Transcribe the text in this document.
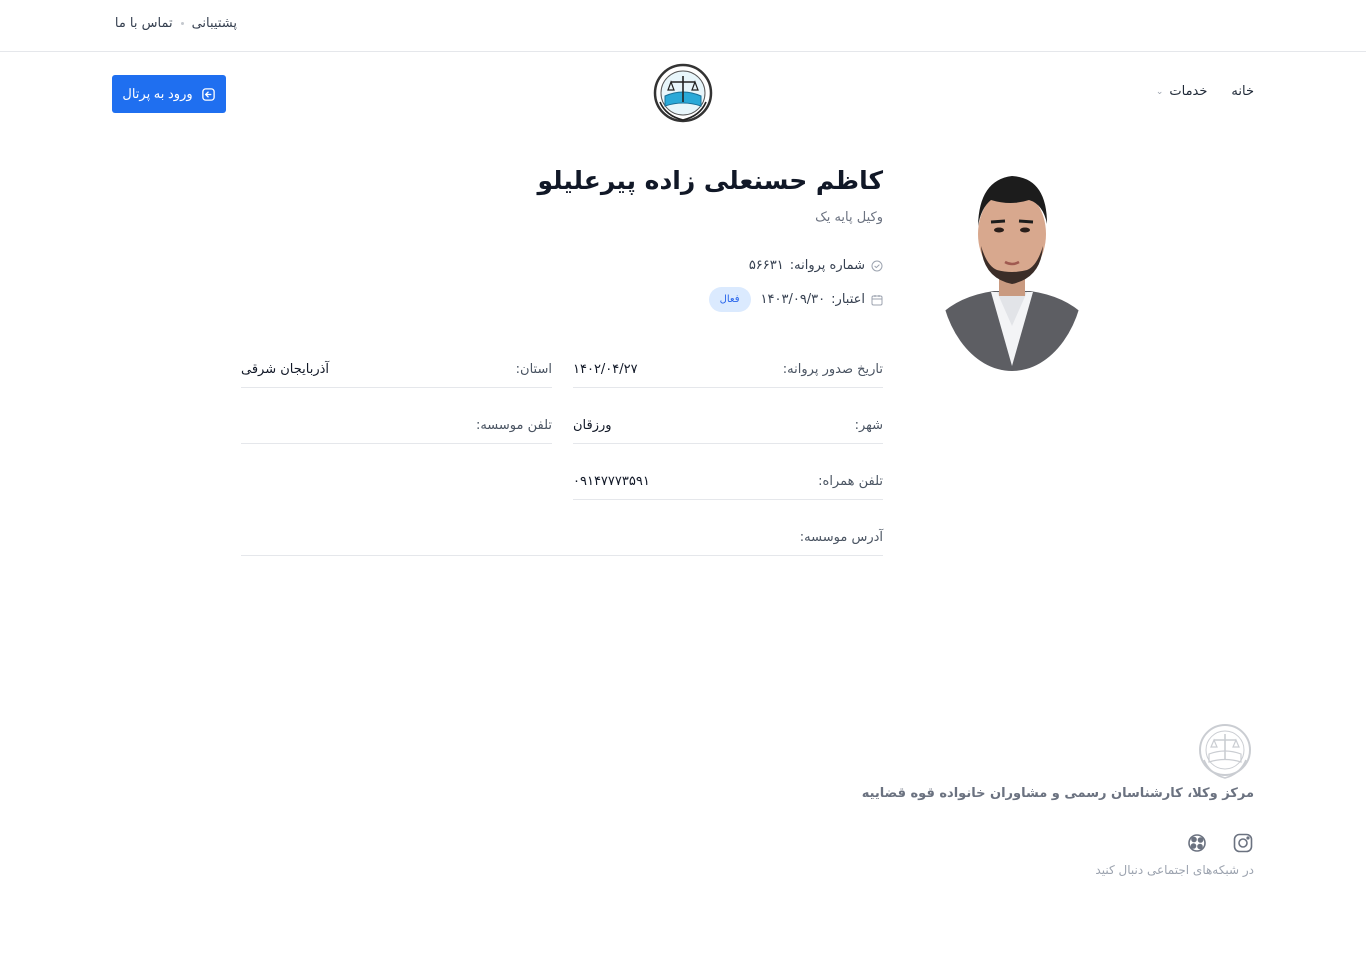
پشتیبانی
تماس با ما
خانه
خدمات
⌄
ورود به پرتال
کاظم حسنعلی زاده پیرعلیلو
وکیل پایه یک
شماره پروانه:
۵۶۶۳۱
اعتبار:
۱۴۰۳/۰۹/۳۰
فعال
تاریخ صدور پروانه:
۱۴۰۲/۰۴/۲۷
استان:
آذربایجان شرقی
شهر:
ورزقان
تلفن موسسه:
تلفن همراه:
۰۹۱۴۷۷۷۳۵۹۱
آدرس موسسه:
مرکز وکلا، کارشناسان رسمی و مشاوران خانواده قوه قضاییه
در شبکه‌های اجتماعی دنبال کنید
